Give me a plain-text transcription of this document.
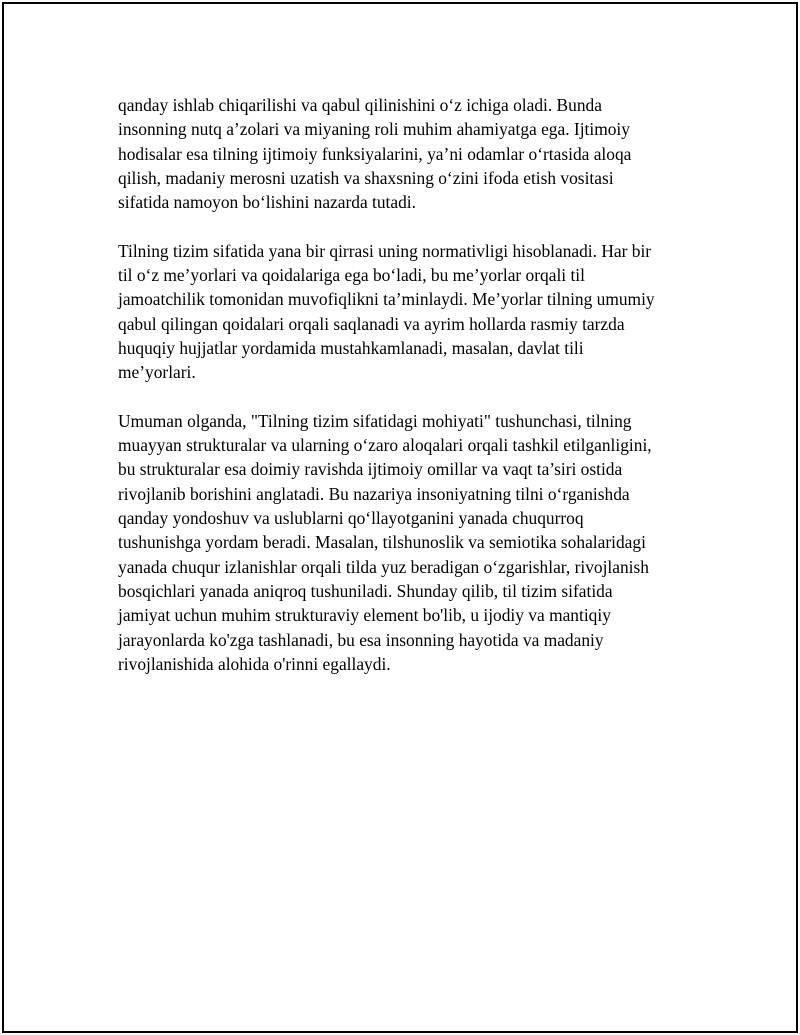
qanday ishlab chiqarilishi va qabul qilinishini o‘z ichiga oladi. Bunda
insonning nutq a’zolari va miyaning roli muhim ahamiyatga ega. Ijtimoiy
hodisalar esa tilning ijtimoiy funksiyalarini, ya’ni odamlar o‘rtasida aloqa
qilish, madaniy merosni uzatish va shaxsning o‘zini ifoda etish vositasi
sifatida namoyon bo‘lishini nazarda tutadi.

Tilning tizim sifatida yana bir qirrasi uning normativligi hisoblanadi. Har bir
til o‘z me’yorlari va qoidalariga ega bo‘ladi, bu me’yorlar orqali til
jamoatchilik tomonidan muvofiqlikni ta’minlaydi. Me’yorlar tilning umumiy
qabul qilingan qoidalari orqali saqlanadi va ayrim hollarda rasmiy tarzda
huquqiy hujjatlar yordamida mustahkamlanadi, masalan, davlat tili
me’yorlari.

Umuman olganda, "Tilning tizim sifatidagi mohiyati" tushunchasi, tilning
muayyan strukturalar va ularning o‘zaro aloqalari orqali tashkil etilganligini,
bu strukturalar esa doimiy ravishda ijtimoiy omillar va vaqt ta’siri ostida
rivojlanib borishini anglatadi. Bu nazariya insoniyatning tilni o‘rganishda
qanday yondoshuv va uslublarni qo‘llayotganini yanada chuqurroq
tushunishga yordam beradi. Masalan, tilshunoslik va semiotika sohalaridagi
yanada chuqur izlanishlar orqali tilda yuz beradigan o‘zgarishlar, rivojlanish
bosqichlari yanada aniqroq tushuniladi. Shunday qilib, til tizim sifatida
jamiyat uchun muhim strukturaviy element bo'lib, u ijodiy va mantiqiy
jarayonlarda ko'zga tashlanadi, bu esa insonning hayotida va madaniy
rivojlanishida alohida o'rinni egallaydi.
